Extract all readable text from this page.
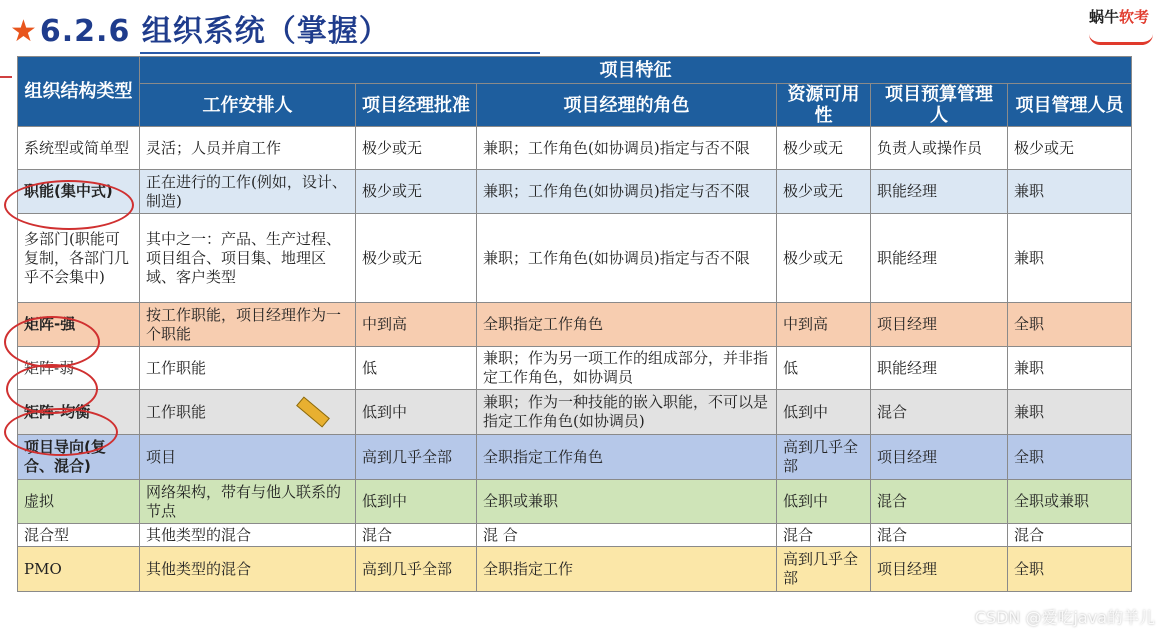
★6.2.6 组织系统（掌握）	蜗牛软考
组织结构类型	项目特征					
	工作安排人	项目经理批准	项目经理的角色	资源可用性	项目预算管理人	项目管理人员
系统型或简单型	灵活；人员并肩工作	极少或无	兼职；工作角色(如协调员)指定与否不限	极少或无	负责人或操作员	极少或无
职能(集中式)	正在进行的工作(例如，设计、制造)	极少或无	兼职；工作角色(如协调员)指定与否不限	极少或无	职能经理	兼职
多部门(职能可复制，各部门几乎不会集中)	其中之一：产品、生产过程、项目组合、项目集、地理区域、客户类型	极少或无	兼职；工作角色(如协调员)指定与否不限	极少或无	职能经理	兼职
矩阵-强	按工作职能，项目经理作为一个职能	中到高	全职指定工作角色	中到高	项目经理	全职
矩阵-弱	工作职能	低	兼职；作为另一项工作的组成部分，并非指定工作角色，如协调员	低	职能经理	兼职
矩阵-均衡	工作职能	低到中	兼职；作为一种技能的嵌入职能，不可以是指定工作角色(如协调员)	低到中	混合	兼职
项目导向(复合、混合)	项目	高到几乎全部	全职指定工作角色	高到几乎全部	项目经理	全职
虚拟	网络架构，带有与他人联系的节点	低到中	全职或兼职	低到中	混合	全职或兼职
混合型	其他类型的混合	混合	混 合	混合	混合	混合
PMO	其他类型的混合	高到几乎全部	全职指定工作	高到几乎全部	项目经理	全职
CSDN @爱吃java的羊儿
